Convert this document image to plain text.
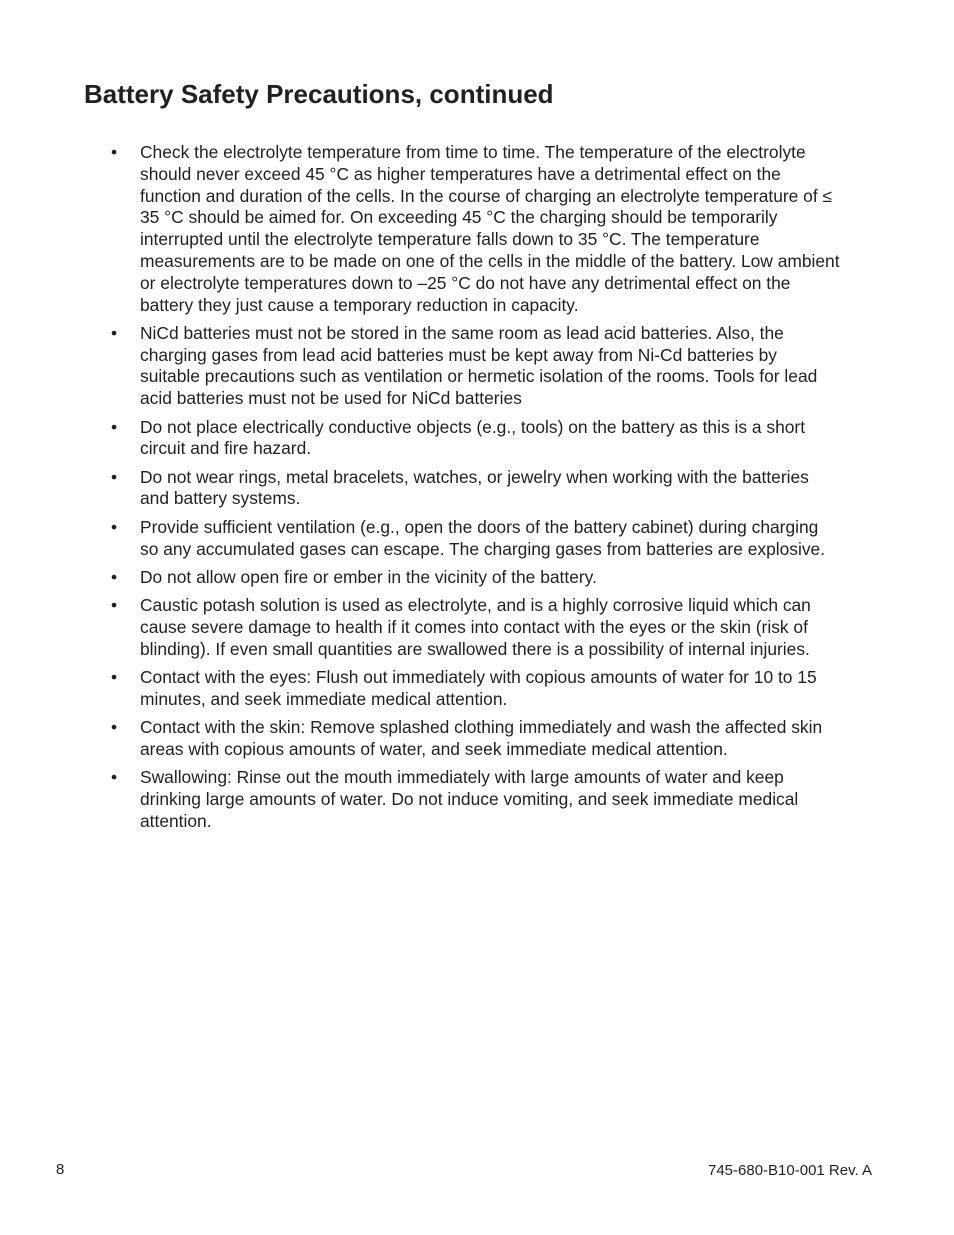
Battery Safety Precautions, continued
•	Check the electrolyte temperature from time to time. The temperature of the electrolyte should never exceed 45 °C as higher temperatures have a detrimental effect on the function and duration of the cells. In the course of charging an electrolyte temperature of ≤ 35 °C should be aimed for. On exceeding 45 °C the charging should be temporarily interrupted until the electrolyte temperature falls down to 35 °C. The temperature measurements are to be made on one of the cells in the middle of the battery. Low ambient or electrolyte temperatures down to –25 °C do not have any detrimental effect on the battery they just cause a temporary reduction in capacity.
•	NiCd batteries must not be stored in the same room as lead acid batteries. Also, the charging gases from lead acid batteries must be kept away from Ni-Cd batteries by suitable precautions such as ventilation or hermetic isolation of the rooms. Tools for lead acid batteries must not be used for NiCd batteries
•	Do not place electrically conductive objects (e.g., tools) on the battery as this is a short circuit and fire hazard.
•	Do not wear rings, metal bracelets, watches, or jewelry when working with the batteries and battery systems.
•	Provide sufficient ventilation (e.g., open the doors of the battery cabinet) during charging so any accumulated gases can escape. The charging gases from batteries are explosive.
•	Do not allow open fire or ember in the vicinity of the battery.
•	Caustic potash solution is used as electrolyte, and is a highly corrosive liquid which can cause severe damage to health if it comes into contact with the eyes or the skin (risk of blinding). If even small quantities are swallowed there is a possibility of internal injuries.
•	Contact with the eyes: Flush out immediately with copious amounts of water for 10 to 15 minutes, and seek immediate medical attention.
•	Contact with the skin: Remove splashed clothing immediately and wash the affected skin areas with copious amounts of water, and seek immediate medical attention.
•	Swallowing: Rinse out the mouth immediately with large amounts of water and keep drinking large amounts of water. Do not induce vomiting, and seek immediate medical attention.
8	745-680-B10-001 Rev. A
